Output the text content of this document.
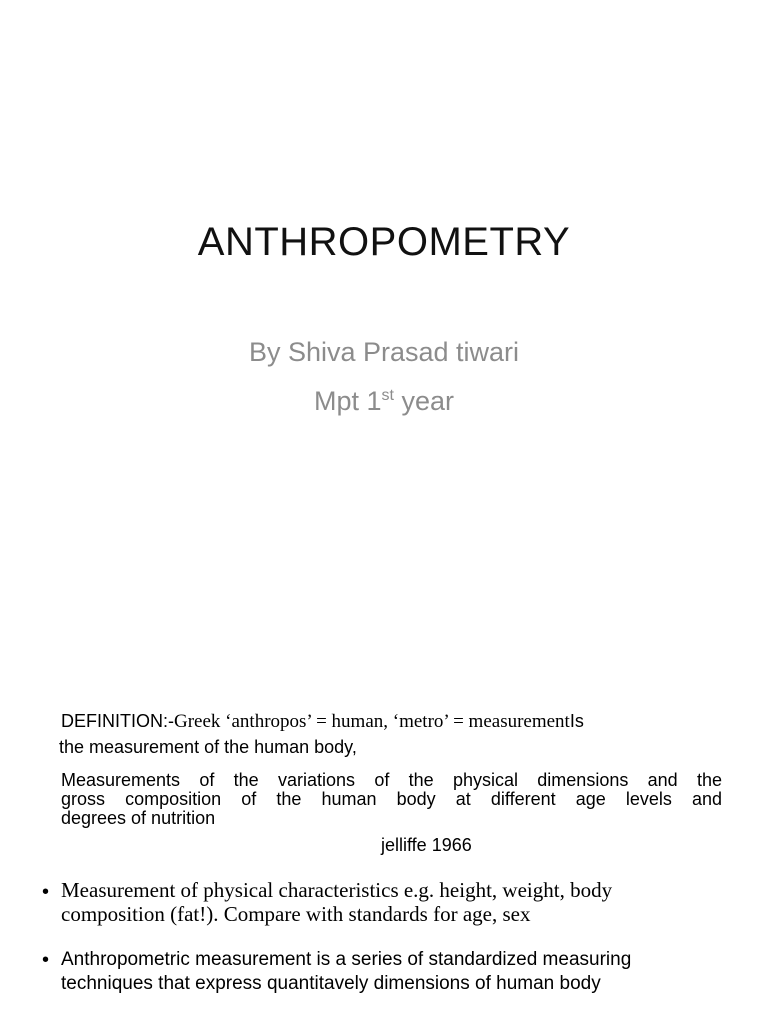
ANTHROPOMETRY
By Shiva Prasad tiwari
Mpt 1st year
DEFINITION:-Greek ‘anthropos’ = human, ‘metro’ = measurementIs
the measurement of the human body,
Measurements of the variations of the physical dimensions and the
gross composition of the human body at different age levels and
degrees of nutrition
jelliffe 1966
• Measurement of physical characteristics e.g. height, weight, body
composition (fat!). Compare with standards for age, sex
• Anthropometric measurement is a series of standardized measuring
techniques that express quantitavely dimensions of human body
